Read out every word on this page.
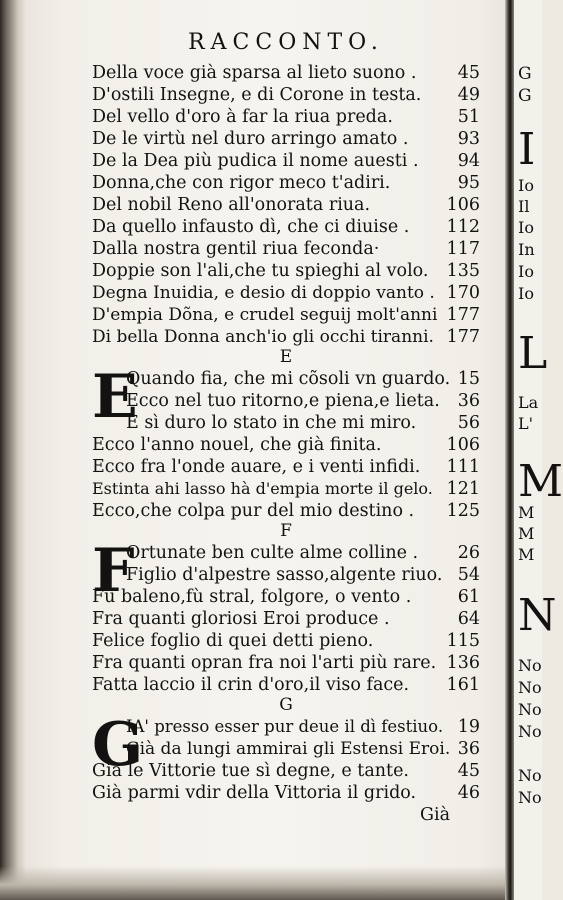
RACCONTO.
Della voce già sparsa al lieto suono . 45
D'ostili Insegne, e di Corone in testa. 49
Del vello d'oro à far la riua preda.	51
De le virtù nel duro arringo amato .	93
De la Dea più pudica il nome auesti . 94
Donna,che con rigor meco t'adiri.	95
Del nobil Reno all'onorata riua.	106
Da quello infausto dì, che ci diuise . 112
Dalla nostra gentil riua feconda·	117
Doppie son l'ali,che tu spieghi al volo. 135
Degna Inuidia, e desio di doppio vanto . 170
D'empia Dõna, e crudel seguij molt'anni 177
Di bella Donna anch'io gli occhi tiranni. 177
E
E
Quando fia, che mi cõsoli vn guardo. 15
Ecco nel tuo ritorno,e piena,e lieta. 36
E sì duro lo stato in che mi miro. 56
Ecco l'anno nouel, che già finita.	106
Ecco fra l'onde auare, e i venti infidi. 111
Estinta ahi lasso hà d'empia morte il gelo. 121
Ecco,che colpa pur del mio destino . 125
F
F
Ortunate ben culte alme colline . 26
Figlio d'alpestre sasso,algente riuo. 54
Fù baleno,fù stral, folgore, o vento .	61
Fra quanti gloriosi Eroi produce .	64
Felice foglio di quei detti pieno.	115
Fra quanti opran fra noi l'arti più rare. 136
Fatta laccio il crin d'oro,il viso face. 161
G
G
IA' presso esser pur deue il dì festiuo. 19
Già da lungi ammirai gli Estensi Eroi. 36
Già le Vittorie tue sì degne, e tante.	45
Già parmi vdir della Vittoria il grido. 46
Già
G
G
I
Io
Il
Io
In
Io
Io
L
La
L'
M
M
M
M
N
No
No
No
No
No
No
